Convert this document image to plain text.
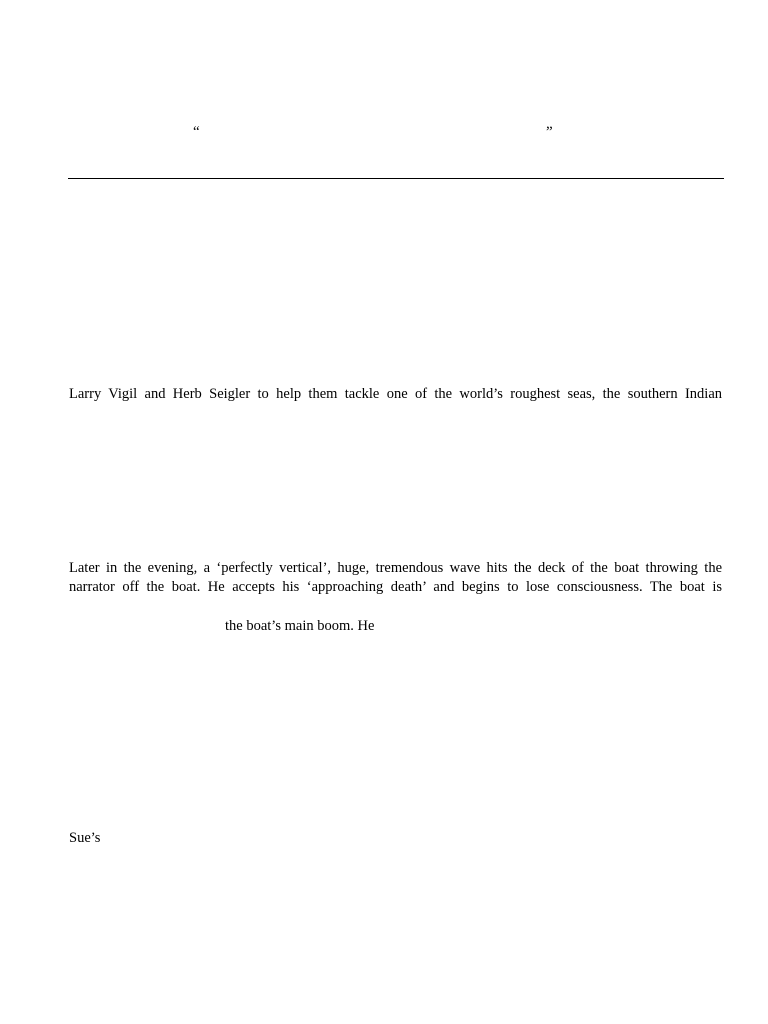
“	”
Larry Vigil and Herb Seigler to help them tackle one of the world’s roughest seas, the southern Indian
Later in the evening, a ‘perfectly vertical’, huge, tremendous wave hits the deck of the boat throwing the
narrator off the boat. He accepts his ‘approaching death’ and begins to lose consciousness. The boat is
the boat’s main boom. He
Sue’s
